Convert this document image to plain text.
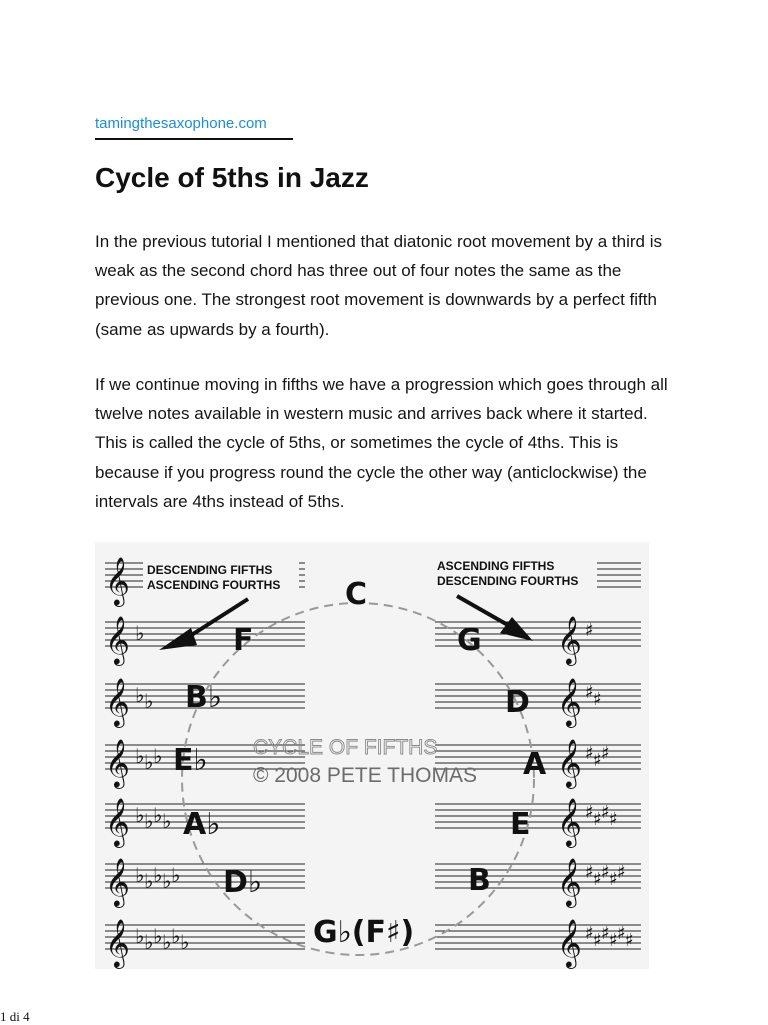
tamingthesaxophone.com
Cycle of 5ths in Jazz

In the previous tutorial I mentioned that diatonic root movement by a third is weak as the second chord has three out of four notes the same as the previous one. The strongest root movement is downwards by a perfect fifth (same as upwards by a fourth).

If we continue moving in fifths we have a progression which goes through all twelve notes available in western music and arrives back where it started. This is called the cycle of 5ths, or sometimes the cycle of 4ths. This is because if you progress round the cycle the other way (anticlockwise) the intervals are 4ths instead of 5ths.

𝄞
𝄞	𝄞
𝄞	𝄞
𝄞	𝄞
𝄞	𝄞
𝄞	𝄞
𝄞	𝄞
♭
♭ ♭
♭ ♭ ♭
♭ ♭ ♭ ♭
♭ ♭ ♭ ♭ ♭
♭ ♭ ♭ ♭ ♭ ♭
♯
♯ ♯
♯ ♯ ♯
♯ ♯ ♯ ♯
♯ ♯ ♯ ♯ ♯
♯ ♯ ♯ ♯ ♯ ♯
DESCENDING FIFTHS
ASCENDING FOURTHS
ASCENDING FIFTHS
DESCENDING FOURTHS
CYCLE OF FIFTHS
© 2008 PETE THOMAS
C
F	G
B♭	D
E♭	A
A♭	E
D♭	B
G♭(F♯)
1 di 4
